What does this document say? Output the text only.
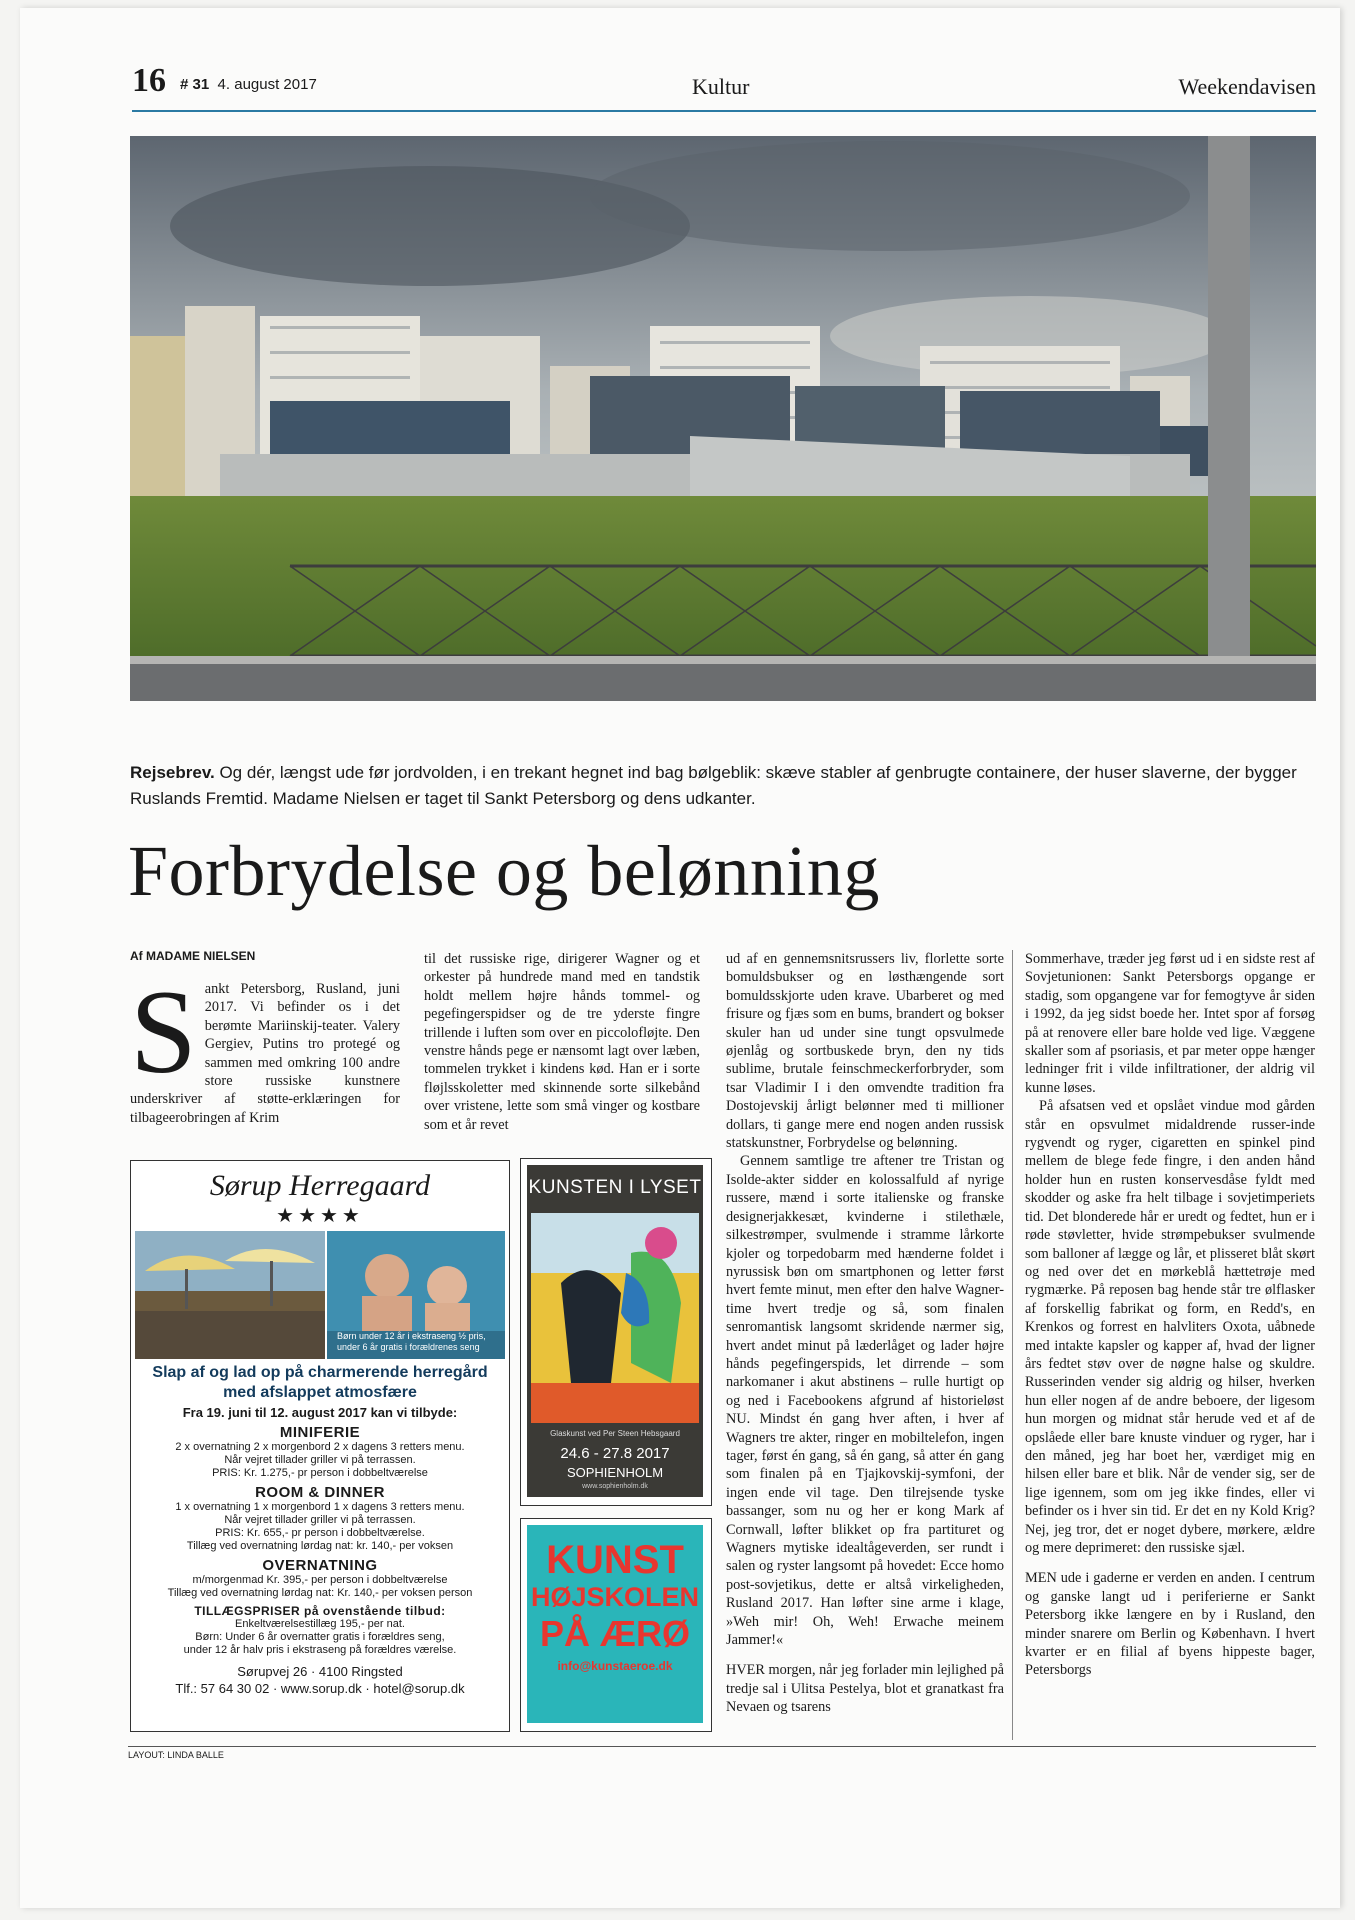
16 # 31 4. august 2017	Kultur	Weekendavisen
Rejsebrev. Og dér, længst ude før jordvolden, i en trekant hegnet ind bag bølgeblik: skæve stabler af genbrugte containere, der huser slaverne, der bygger Ruslands Fremtid. Madame Nielsen er taget til Sankt Petersborg og dens udkanter.
Forbrydelse og belønning
Af MADAME NIELSEN
S ankt Petersborg, Rusland, juni 2017. Vi befinder os i det berømte Mariinskij-teater. Valery Gergiev, Putins tro protegé og sammen med omkring 100 andre store russiske kunstnere underskriver af støtte-erklæringen for tilbageerobringen af Krim

til det russiske rige, dirigerer Wagner og et orkester på hundrede mand med en tandstik holdt mellem højre hånds tommel- og pegefingerspidser og de tre yderste fingre trillende i luften som over en piccolofløjte. Den venstre hånds pege er nænsomt lagt over læben, tommelen trykket i kindens kød. Han er i sorte fløjlsskoletter med skinnende sorte silkebånd over vristene, lette som små vinger og kostbare som et år revet

ud af en gennemsnitsrussers liv, florlette sorte bomuldsbukser og en løsthængende sort bomuldsskjorte uden krave. Ubarberet og med frisure og fjæs som en bums, brandert og bokser skuler han ud under sine tungt opsvulmede øjenlåg og sortbuskede bryn, den ny tids sublime, brutale feinschmeckerforbryder, som tsar Vladimir I i den omvendte tradition fra Dostojevskij årligt belønner med ti millioner dollars, ti gange mere end nogen anden russisk statskunstner, Forbrydelse og belønning.

Gennem samtlige tre aftener tre Tristan og Isolde-akter sidder en kolossalfuld af nyrige russere, mænd i sorte italienske og franske designerjakkesæt, kvinderne i stilethæle, silkestrømper, svulmende i stramme lårkorte kjoler og torpedobarm med hænderne foldet i nyrussisk bøn om smartphonen og letter først hvert femte minut, men efter den halve Wagner-time hvert tredje og så, som finalen senromantisk langsomt skridende nærmer sig, hvert andet minut på læderlåget og lader højre hånds pegefingerspids, let dirrende – som narkomaner i akut abstinens – rulle hurtigt op og ned i Facebookens afgrund af historieløst NU. Mindst én gang hver aften, i hver af Wagners tre akter, ringer en mobiltelefon, ingen tager, først én gang, så én gang, så atter én gang som finalen på en Tjajkovskij-symfoni, der ingen ende vil tage. Den tilrejsende tyske bassanger, som nu og her er kong Mark af Cornwall, løfter blikket op fra partituret og Wagners mytiske idealtågeverden, ser rundt i salen og ryster langsomt på hovedet: Ecce homo post-sovjetikus, dette er altså virkeligheden, Rusland 2017. Han løfter sine arme i klage, »Weh mir! Oh, Weh! Erwache meinem Jammer!«

HVER morgen, når jeg forlader min lejlighed på tredje sal i Ulitsa Pestelya, blot et granatkast fra Nevaen og tsarens

Sommerhave, træder jeg først ud i en sidste rest af Sovjetunionen: Sankt Petersborgs opgange er stadig, som opgangene var for femogtyve år siden i 1992, da jeg sidst boede her. Intet spor af forsøg på at renovere eller bare holde ved lige. Væggene skaller som af psoriasis, et par meter oppe hænger ledninger frit i vilde infiltrationer, der aldrig vil kunne løses.

På afsatsen ved et opslået vindue mod gården står en opsvulmet midaldrende russer-inde rygvendt og ryger, cigaretten en spinkel pind mellem de blege fede fingre, i den anden hånd holder hun en rusten konservesdåse fyldt med skodder og aske fra helt tilbage i sovjetimperiets tid. Det blonderede hår er uredt og fedtet, hun er i røde støvletter, hvide strømpebukser svulmende som balloner af lægge og lår, et plisseret blåt skørt og ned over det en mørkeblå hættetrøje med rygmærke. På reposen bag hende står tre ølflasker af forskellig fabrikat og form, en Redd's, en Krenkos og forrest en halvliters Oxota, uåbnede med intakte kapsler og kapper af, hvad der ligner års fedtet støv over de nøgne halse og skuldre. Russerinden vender sig aldrig og hilser, hverken hun eller nogen af de andre beboere, der ligesom hun morgen og midnat står herude ved et af de opslåede eller bare knuste vinduer og ryger, har i den måned, jeg har boet her, værdiget mig en hilsen eller bare et blik. Når de vender sig, ser de lige igennem, som om jeg ikke findes, eller vi befinder os i hver sin tid. Er det en ny Kold Krig? Nej, jeg tror, det er noget dybere, mørkere, ældre og mere deprimeret: den russiske sjæl.

MEN ude i gaderne er verden en anden. I centrum og ganske langt ud i periferierne er Sankt Petersborg ikke længere en by i Rusland, den minder snarere om Berlin og København. I hvert kvarter er en filial af byens hippeste bager, Petersborgs

Sørup Herregaard
★★★★
Børn under 12 år i ekstraseng ½ pris, under 6 år gratis i forældrenes seng
Slap af og lad op på charmerende herregård
med afslappet atmosfære
Fra 19. juni til 12. august 2017 kan vi tilbyde:
MINIFERIE
2 x overnatning 2 x morgenbord 2 x dagens 3 retters menu.
Når vejret tillader griller vi på terrassen.
PRIS: Kr. 1.275,- pr person i dobbeltværelse
ROOM & DINNER
1 x overnatning 1 x morgenbord 1 x dagens 3 retters menu.
Når vejret tillader griller vi på terrassen.
PRIS: Kr. 655,- pr person i dobbeltværelse.
Tillæg ved overnatning lørdag nat: kr. 140,- per voksen
OVERNATNING
m/morgenmad Kr. 395,- per person i dobbeltværelse
Tillæg ved overnatning lørdag nat: Kr. 140,- per voksen person
TILLÆGSPRISER på ovenstående tilbud:
Enkeltværelsestillæg 195,- per nat.
Børn: Under 6 år overnatter gratis i forældres seng,
under 12 år halv pris i ekstraseng på forældres værelse.
Sørupvej 26 · 4100 Ringsted
Tlf.: 57 64 30 02 · www.sorup.dk · hotel@sorup.dk
KUNSTEN I LYSET
Glaskunst ved Per Steen Hebsgaard
24.6 - 27.8 2017
SOPHIENHOLM
www.sophienholm.dk
KUNST
HØJSKOLEN
PÅ ÆRØ
info@kunstaeroe.dk
LAYOUT: LINDA BALLE
